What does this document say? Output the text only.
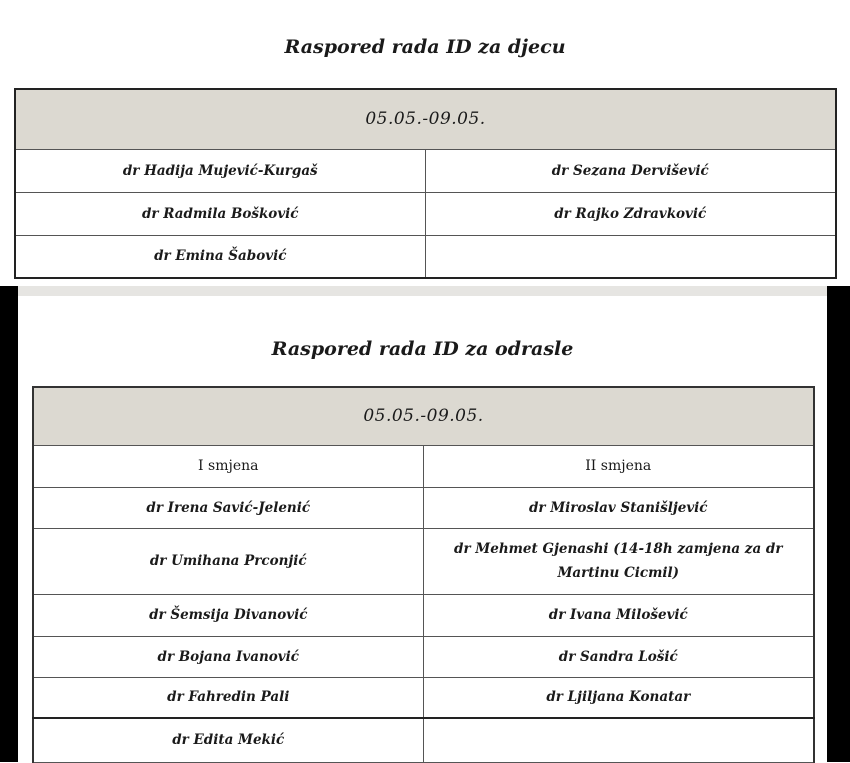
Raspored rada ID za djecu
05.05.-09.05.	
dr Hadija Mujević-Kurgaš	dr Sezana Dervišević
dr Radmila Bošković	dr Rajko Zdravković
dr Emina Šabović	
Raspored rada ID za odrasle
05.05.-09.05.	
I smjena	II smjena
dr Irena Savić-Jelenić	dr Miroslav Stanišljević
dr Umihana Prconjić	dr Mehmet Gjenashi (14-18h zamjena za dr Martinu Cicmil)
dr Šemsija Divanović	dr Ivana Milošević
dr Bojana Ivanović	dr Sandra Lošić
dr Fahredin Pali	dr Ljiljana Konatar
dr Edita Mekić	
